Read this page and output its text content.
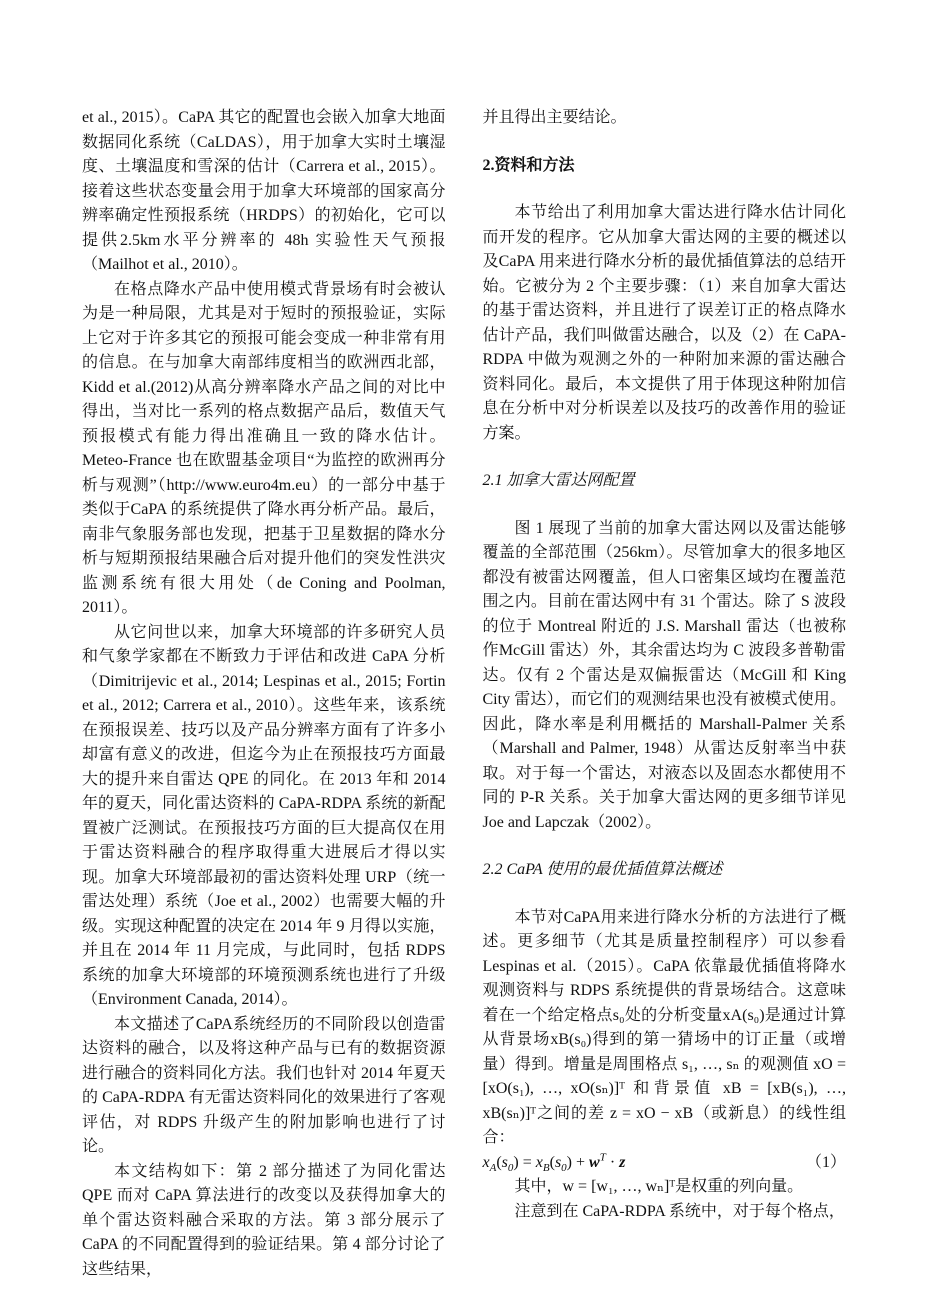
et al., 2015）。CaPA 其它的配置也会嵌入加拿大地面数据同化系统（CaLDAS），用于加拿大实时土壤湿度、土壤温度和雪深的估计（Carrera et al., 2015）。接着这些状态变量会用于加拿大环境部的国家高分辨率确定性预报系统（HRDPS）的初始化，它可以提供2.5km水平分辨率的 48h 实验性天气预报（Mailhot et al., 2010）。

在格点降水产品中使用模式背景场有时会被认为是一种局限，尤其是对于短时的预报验证，实际上它对于许多其它的预报可能会变成一种非常有用的信息。在与加拿大南部纬度相当的欧洲西北部，Kidd et al.(2012)从高分辨率降水产品之间的对比中得出，当对比一系列的格点数据产品后，数值天气预报模式有能力得出准确且一致的降水估计。Meteo-France 也在欧盟基金项目“为监控的欧洲再分析与观测”（http://www.euro4m.eu）的一部分中基于类似于CaPA 的系统提供了降水再分析产品。最后，南非气象服务部也发现，把基于卫星数据的降水分析与短期预报结果融合后对提升他们的突发性洪灾监测系统有很大用处（de Coning and Poolman, 2011）。

从它问世以来，加拿大环境部的许多研究人员和气象学家都在不断致力于评估和改进 CaPA 分析（Dimitrijevic et al., 2014; Lespinas et al., 2015; Fortin et al., 2012; Carrera et al., 2010）。这些年来，该系统在预报误差、技巧以及产品分辨率方面有了许多小却富有意义的改进，但迄今为止在预报技巧方面最大的提升来自雷达 QPE 的同化。在 2013 年和 2014 年的夏天，同化雷达资料的 CaPA-RDPA 系统的新配置被广泛测试。在预报技巧方面的巨大提高仅在用于雷达资料融合的程序取得重大进展后才得以实现。加拿大环境部最初的雷达资料处理 URP（统一雷达处理）系统（Joe et al., 2002）也需要大幅的升级。实现这种配置的决定在 2014 年 9 月得以实施，并且在 2014 年 11 月完成，与此同时，包括 RDPS 系统的加拿大环境部的环境预测系统也进行了升级（Environment Canada, 2014）。

本文描述了CaPA系统经历的不同阶段以创造雷达资料的融合，以及将这种产品与已有的数据资源进行融合的资料同化方法。我们也针对 2014 年夏天的 CaPA-RDPA 有无雷达资料同化的效果进行了客观评估，对 RDPS 升级产生的附加影响也进行了讨论。

本文结构如下：第 2 部分描述了为同化雷达 QPE 而对 CaPA 算法进行的改变以及获得加拿大的单个雷达资料融合采取的方法。第 3 部分展示了 CaPA 的不同配置得到的验证结果。第 4 部分讨论了这些结果，

并且得出主要结论。

2.资料和方法

本节给出了利用加拿大雷达进行降水估计同化而开发的程序。它从加拿大雷达网的主要的概述以及CaPA 用来进行降水分析的最优插值算法的总结开始。它被分为 2 个主要步骤：（1）来自加拿大雷达的基于雷达资料，并且进行了误差订正的格点降水估计产品，我们叫做雷达融合，以及（2）在 CaPA-RDPA 中做为观测之外的一种附加来源的雷达融合资料同化。最后，本文提供了用于体现这种附加信息在分析中对分析误差以及技巧的改善作用的验证方案。

2.1 加拿大雷达网配置

图 1 展现了当前的加拿大雷达网以及雷达能够覆盖的全部范围（256km）。尽管加拿大的很多地区都没有被雷达网覆盖，但人口密集区域均在覆盖范围之内。目前在雷达网中有 31 个雷达。除了 S 波段的位于 Montreal 附近的 J.S. Marshall 雷达（也被称作McGill 雷达）外，其余雷达均为 C 波段多普勒雷达。仅有 2 个雷达是双偏振雷达（McGill 和 King City 雷达），而它们的观测结果也没有被模式使用。因此，降水率是利用概括的 Marshall-Palmer 关系（Marshall and Palmer, 1948）从雷达反射率当中获取。对于每一个雷达，对液态以及固态水都使用不同的 P-R 关系。关于加拿大雷达网的更多细节详见 Joe and Lapczak（2002）。

2.2 CaPA 使用的最优插值算法概述

本节对CaPA用来进行降水分析的方法进行了概述。更多细节（尤其是质量控制程序）可以参看Lespinas et al.（2015）。CaPA 依靠最优插值将降水观测资料与 RDPS 系统提供的背景场结合。这意味着在一个给定格点s₀处的分析变量xA(s₀)是通过计算从背景场xB(s₀)得到的第一猜场中的订正量（或增量）得到。增量是周围格点 s₁, …, sₙ 的观测值 xO = [xO(s₁), …, xO(sₙ)]ᵀ 和背景值 xB = [xB(s₁), …, xB(sₙ)]ᵀ之间的差 z = xO − xB（或新息）的线性组合：

$x_A(s_0) = x_B(s_0) + w^T \cdot z$	（1）

其中，w = [w₁, …, wₙ]ᵀ是权重的列向量。

注意到在 CaPA-RDPA 系统中，对于每个格点，
